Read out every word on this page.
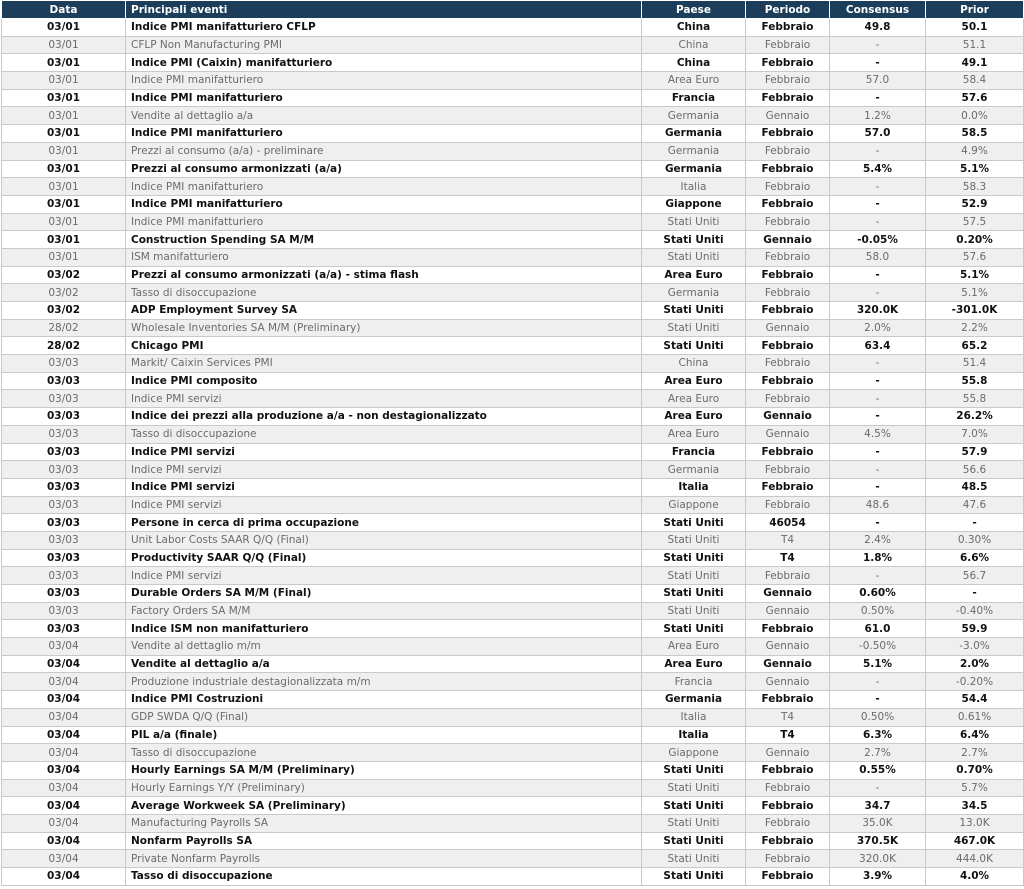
Data	Principali eventi	Paese	Periodo	Consensus	Prior
03/01	Indice PMI manifatturiero CFLP	China	Febbraio	49.8	50.1
03/01	CFLP Non Manufacturing PMI	China	Febbraio	-	51.1
03/01	Indice PMI (Caixin) manifatturiero	China	Febbraio	-	49.1
03/01	Indice PMI manifatturiero	Area Euro	Febbraio	57.0	58.4
03/01	Indice PMI manifatturiero	Francia	Febbraio	-	57.6
03/01	Vendite al dettaglio a/a	Germania	Gennaio	1.2%	0.0%
03/01	Indice PMI manifatturiero	Germania	Febbraio	57.0	58.5
03/01	Prezzi al consumo (a/a) - preliminare	Germania	Febbraio	-	4.9%
03/01	Prezzi al consumo armonizzati (a/a)	Germania	Febbraio	5.4%	5.1%
03/01	Indice PMI manifatturiero	Italia	Febbraio	-	58.3
03/01	Indice PMI manifatturiero	Giappone	Febbraio	-	52.9
03/01	Indice PMI manifatturiero	Stati Uniti	Febbraio	-	57.5
03/01	Construction Spending SA M/M	Stati Uniti	Gennaio	-0.05%	0.20%
03/01	ISM manifatturiero	Stati Uniti	Febbraio	58.0	57.6
03/02	Prezzi al consumo armonizzati (a/a) - stima flash	Area Euro	Febbraio	-	5.1%
03/02	Tasso di disoccupazione	Germania	Febbraio	-	5.1%
03/02	ADP Employment Survey SA	Stati Uniti	Febbraio	320.0K	-301.0K
28/02	Wholesale Inventories SA M/M (Preliminary)	Stati Uniti	Gennaio	2.0%	2.2%
28/02	Chicago PMI	Stati Uniti	Febbraio	63.4	65.2
03/03	Markit/ Caixin Services PMI	China	Febbraio	-	51.4
03/03	Indice PMI composito	Area Euro	Febbraio	-	55.8
03/03	Indice PMI servizi	Area Euro	Febbraio	-	55.8
03/03	Indice dei prezzi alla produzione a/a - non destagionalizzato	Area Euro	Gennaio	-	26.2%
03/03	Tasso di disoccupazione	Area Euro	Gennaio	4.5%	7.0%
03/03	Indice PMI servizi	Francia	Febbraio	-	57.9
03/03	Indice PMI servizi	Germania	Febbraio	-	56.6
03/03	Indice PMI servizi	Italia	Febbraio	-	48.5
03/03	Indice PMI servizi	Giappone	Febbraio	48.6	47.6
03/03	Persone in cerca di prima occupazione	Stati Uniti	46054	-	-
03/03	Unit Labor Costs SAAR Q/Q (Final)	Stati Uniti	T4	2.4%	0.30%
03/03	Productivity SAAR Q/Q (Final)	Stati Uniti	T4	1.8%	6.6%
03/03	Indice PMI servizi	Stati Uniti	Febbraio	-	56.7
03/03	Durable Orders SA M/M (Final)	Stati Uniti	Gennaio	0.60%	-
03/03	Factory Orders SA M/M	Stati Uniti	Gennaio	0.50%	-0.40%
03/03	Indice ISM non manifatturiero	Stati Uniti	Febbraio	61.0	59.9
03/04	Vendite al dettaglio m/m	Area Euro	Gennaio	-0.50%	-3.0%
03/04	Vendite al dettaglio a/a	Area Euro	Gennaio	5.1%	2.0%
03/04	Produzione industriale destagionalizzata m/m	Francia	Gennaio	-	-0.20%
03/04	Indice PMI Costruzioni	Germania	Febbraio	-	54.4
03/04	GDP SWDA Q/Q (Final)	Italia	T4	0.50%	0.61%
03/04	PIL a/a (finale)	Italia	T4	6.3%	6.4%
03/04	Tasso di disoccupazione	Giappone	Gennaio	2.7%	2.7%
03/04	Hourly Earnings SA M/M (Preliminary)	Stati Uniti	Febbraio	0.55%	0.70%
03/04	Hourly Earnings Y/Y (Preliminary)	Stati Uniti	Febbraio	-	5.7%
03/04	Average Workweek SA (Preliminary)	Stati Uniti	Febbraio	34.7	34.5
03/04	Manufacturing Payrolls SA	Stati Uniti	Febbraio	35.0K	13.0K
03/04	Nonfarm Payrolls SA	Stati Uniti	Febbraio	370.5K	467.0K
03/04	Private Nonfarm Payrolls	Stati Uniti	Febbraio	320.0K	444.0K
03/04	Tasso di disoccupazione	Stati Uniti	Febbraio	3.9%	4.0%
